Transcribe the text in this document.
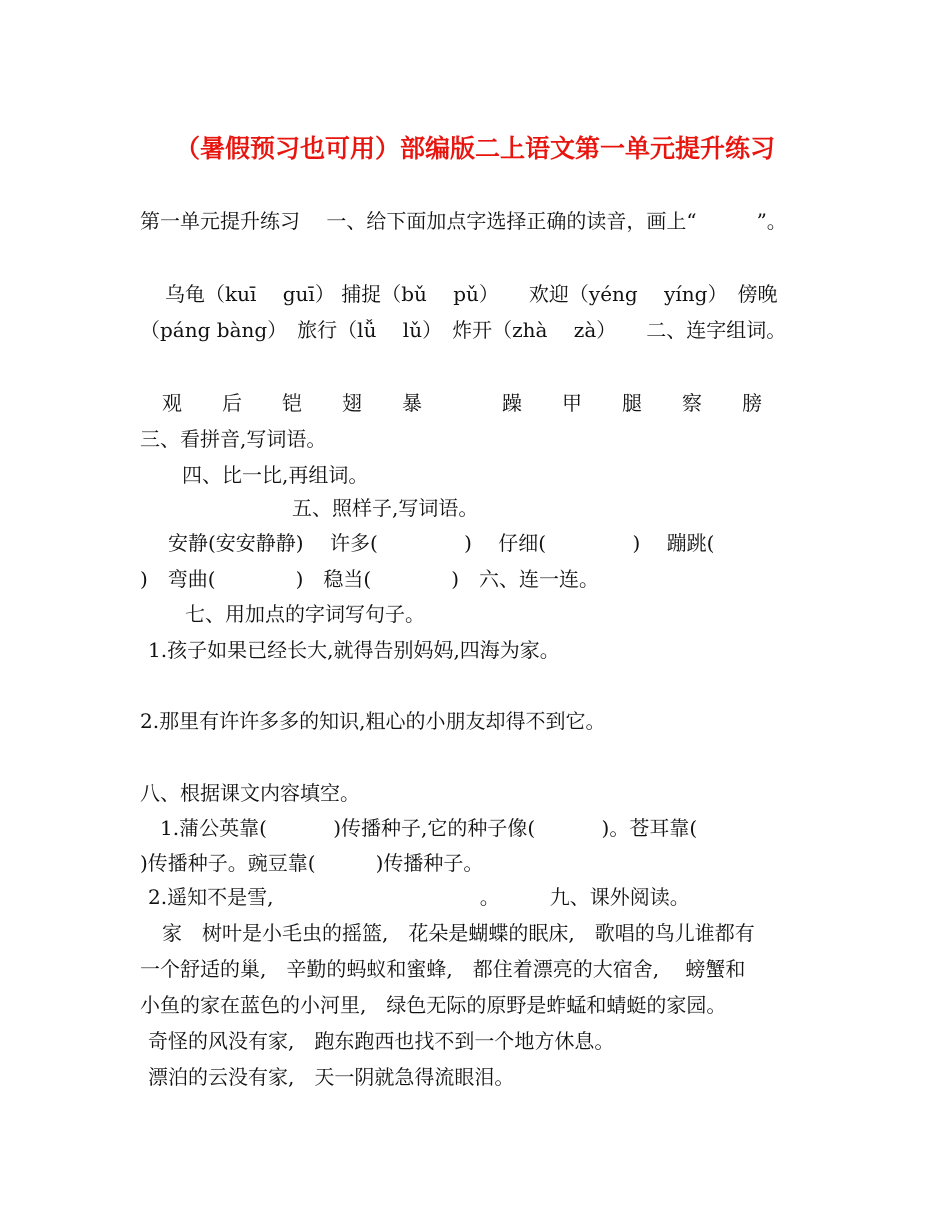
（暑假预习也可用）部编版二上语文第一单元提升练习

第一单元提升练习　 一、给下面加点字选择正确的读音，画上“　　　”。

乌龟（kuī　 guī） 捕捉（bǔ　 pǔ）　　欢迎（yéng　 yíng）　傍晚

（páng bàng）　旅行（lǚ　 lǔ）　炸开（zhà　 zà）　　二、连字组词。

观　　后　　铠　　翅　　暴　　　　躁　　甲　　腿　　察　　膀

三、看拼音,写词语。

四、比一比,再组词。

五、照样子,写词语。

安静(安安静静)　 许多(　　　　 )　 仔细(　　　　 )　 蹦跳(

)　弯曲(　　　　)　稳当(　　　　)　六、连一连。

七、用加点的字词写句子。

1.孩子如果已经长大,就得告别妈妈,四海为家。

2.那里有许许多多的知识,粗心的小朋友却得不到它。

八、根据课文内容填空。

1.蒲公英靠(　　　 )传播种子,它的种子像(　　　 )。苍耳靠(

)传播种子。豌豆靠(　　　)传播种子。

2.遥知不是雪,　　　　　　　　　　 。　　　九、课外阅读。

家　树叶是小毛虫的摇篮,　花朵是蝴蝶的眠床,　歌唱的鸟儿谁都有

一个舒适的巢,　辛勤的蚂蚁和蜜蜂,　都住着漂亮的大宿舍,　 螃蟹和

小鱼的家在蓝色的小河里,　绿色无际的原野是蚱蜢和蜻蜓的家园。

奇怪的风没有家,　跑东跑西也找不到一个地方休息。

漂泊的云没有家,　天一阴就急得流眼泪。
